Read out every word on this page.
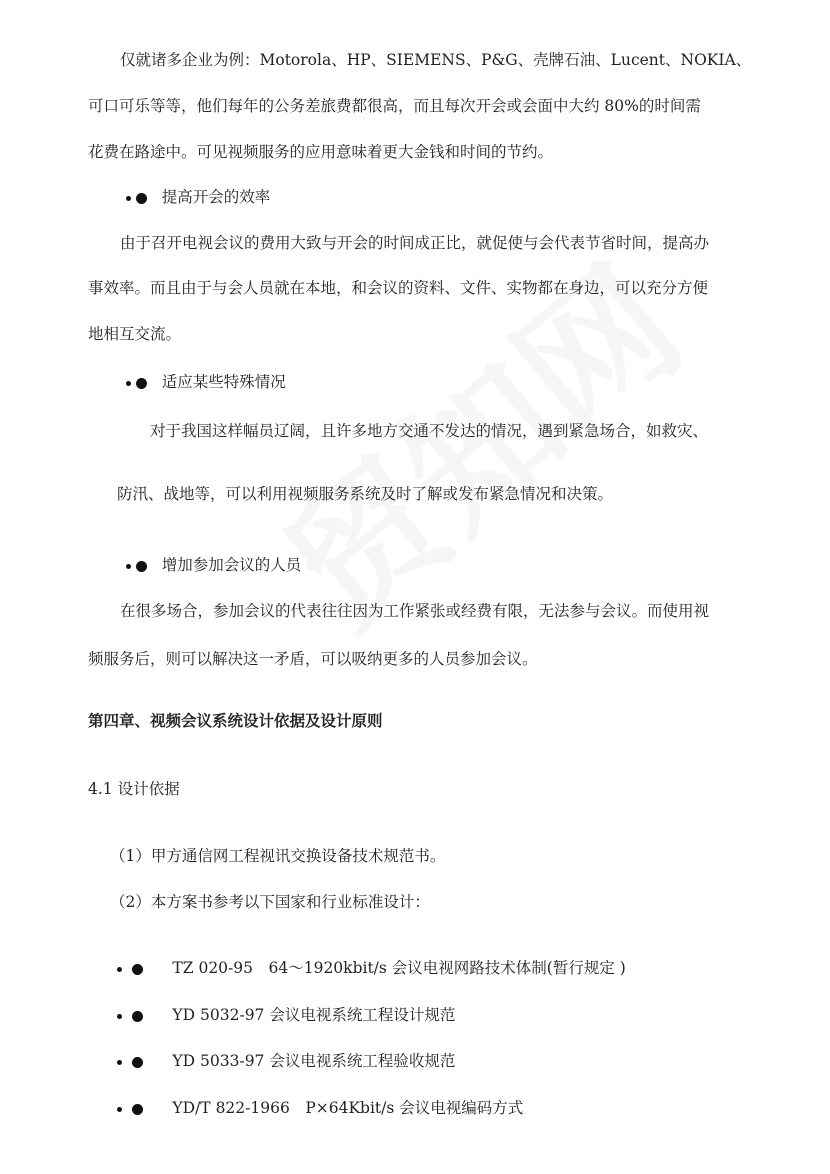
仅就诸多企业为例：Motorola、HP、SIEMENS、P&G、壳牌石油、Lucent、NOKIA、
可口可乐等等，他们每年的公务差旅费都很高，而且每次开会或会面中大约 80%的时间需
花费在路途中。可见视频服务的应用意味着更大金钱和时间的节约。
提高开会的效率
由于召开电视会议的费用大致与开会的时间成正比，就促使与会代表节省时间，提高办
事效率。而且由于与会人员就在本地，和会议的资料、文件、实物都在身边，可以充分方便
地相互交流。
适应某些特殊情况
对于我国这样幅员辽阔，且许多地方交通不发达的情况，遇到紧急场合，如救灾、
防汛、战地等，可以利用视频服务系统及时了解或发布紧急情况和决策。
增加参加会议的人员
在很多场合，参加会议的代表往往因为工作紧张或经费有限，无法参与会议。而使用视
频服务后，则可以解决这一矛盾，可以吸纳更多的人员参加会议。
第四章、视频会议系统设计依据及设计原则
4.1 设计依据
（1）甲方通信网工程视讯交换设备技术规范书。
（2）本方案书参考以下国家和行业标准设计：
TZ 020-95　64～1920kbit/s 会议电视网路技术体制(暂行规定 )
YD 5032-97 会议电视系统工程设计规范
YD 5033-97 会议电视系统工程验收规范
YD/T 822-1966　P×64Kbit/s 会议电视编码方式
